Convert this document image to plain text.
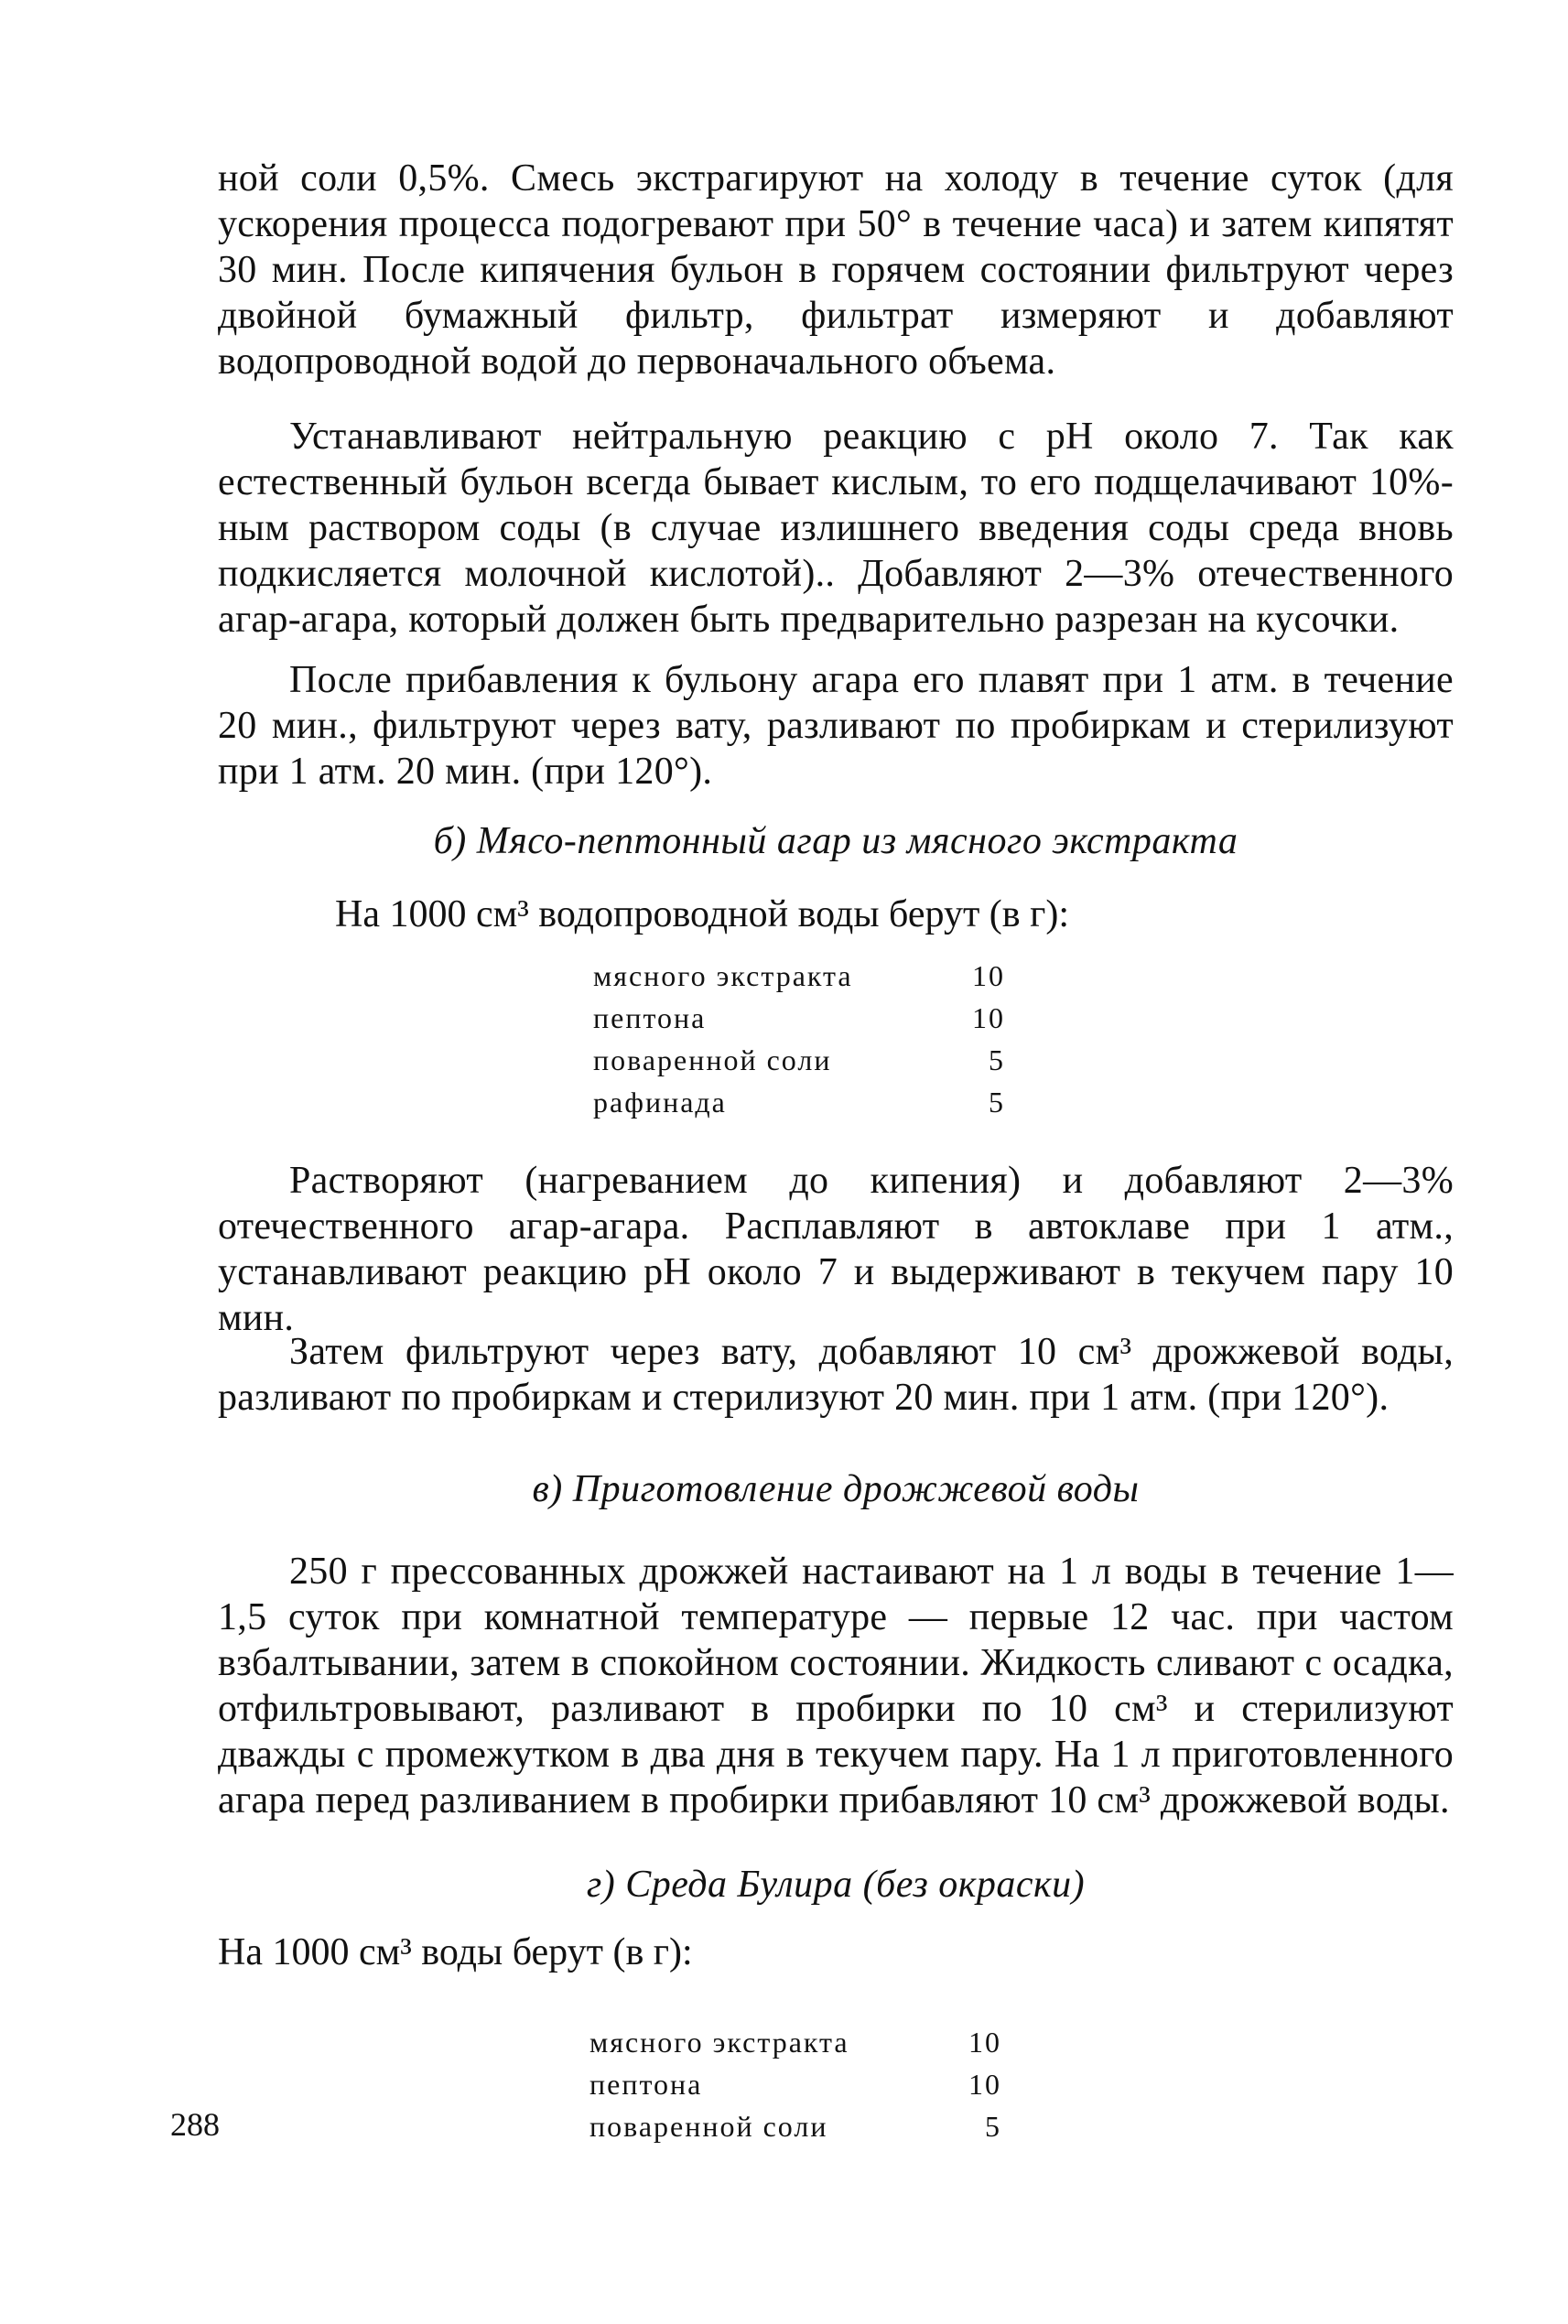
ной соли 0,5%. Смесь экстрагируют на холоду в течение суток (для ускорения процесса подогревают при 50° в течение часа) и затем кипятят 30 мин. После кипячения бульон в горячем состоянии фильтруют через двойной бумажный фильтр, фильтрат измеряют и добавляют водопроводной водой до первоначального объема.

Устанавливают нейтральную реакцию с pH около 7. Так как естественный бульон всегда бывает кислым, то его подщелачивают 10%-ным раствором соды (в случае излишнего введения соды среда вновь подкисляется молочной кислотой).. Добавляют 2—3% отечественного агар-агара, который должен быть предварительно разрезан на кусочки.

После прибавления к бульону агара его плавят при 1 атм. в течение 20 мин., фильтруют через вату, разливают по пробиркам и стерилизуют при 1 атм. 20 мин. (при 120°).

б) Мясо-пептонный агар из мясного экстракта

На 1000 см³ водопроводной воды берут (в г):

мясного экстракта	10
пептона	10
поваренной соли	5
рафинада	5

Растворяют (нагреванием до кипения) и добавляют 2—3% отечественного агар-агара. Расплавляют в автоклаве при 1 атм., устанавливают реакцию pH около 7 и выдерживают в текучем пару 10 мин.

Затем фильтруют через вату, добавляют 10 см³ дрожжевой воды, разливают по пробиркам и стерилизуют 20 мин. при 1 атм. (при 120°).

в) Приготовление дрожжевой воды

250 г прессованных дрожжей настаивают на 1 л воды в течение 1—1,5 суток при комнатной температуре — первые 12 час. при частом взбалтывании, затем в спокойном состоянии. Жидкость сливают с осадка, отфильтровывают, разливают в пробирки по 10 см³ и стерилизуют дважды с промежутком в два дня в текучем пару. На 1 л приготовленного агара перед разливанием в пробирки прибавляют 10 см³ дрожжевой воды.

г) Среда Булира (без окраски)

На 1000 см³ воды берут (в г):

мясного экстракта	10
пептона	10
поваренной соли	5
288
